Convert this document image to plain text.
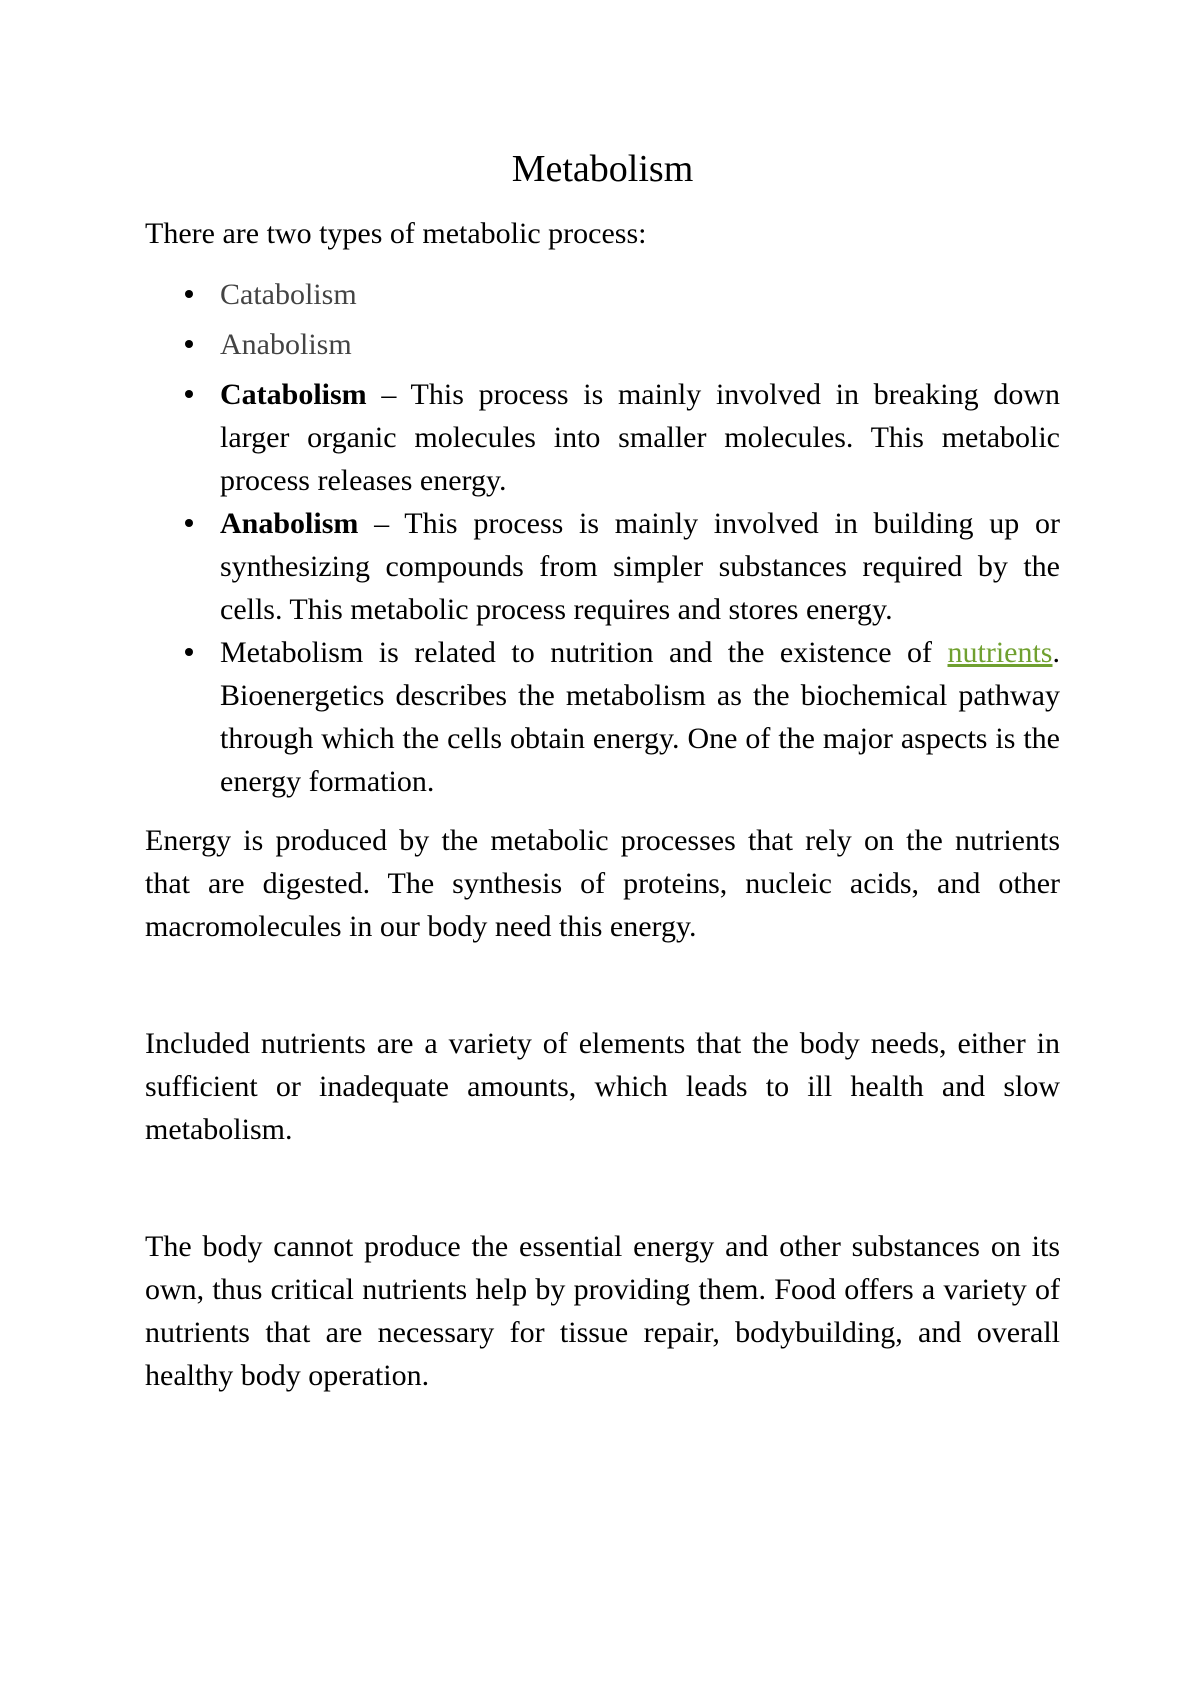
Metabolism

There are two types of metabolic process:

Catabolism
Anabolism
Catabolism – This process is mainly involved in breaking down larger organic molecules into smaller molecules. This metabolic process releases energy.
Anabolism – This process is mainly involved in building up or synthesizing compounds from simpler substances required by the cells. This metabolic process requires and stores energy.
Metabolism is related to nutrition and the existence of nutrients. Bioenergetics describes the metabolism as the biochemical pathway through which the cells obtain energy. One of the major aspects is the energy formation.

Energy is produced by the metabolic processes that rely on the nutrients that are digested. The synthesis of proteins, nucleic acids, and other macromolecules in our body need this energy.

Included nutrients are a variety of elements that the body needs, either in sufficient or inadequate amounts, which leads to ill health and slow metabolism.

The body cannot produce the essential energy and other substances on its own, thus critical nutrients help by providing them. Food offers a variety of nutrients that are necessary for tissue repair, bodybuilding, and overall healthy body operation.
